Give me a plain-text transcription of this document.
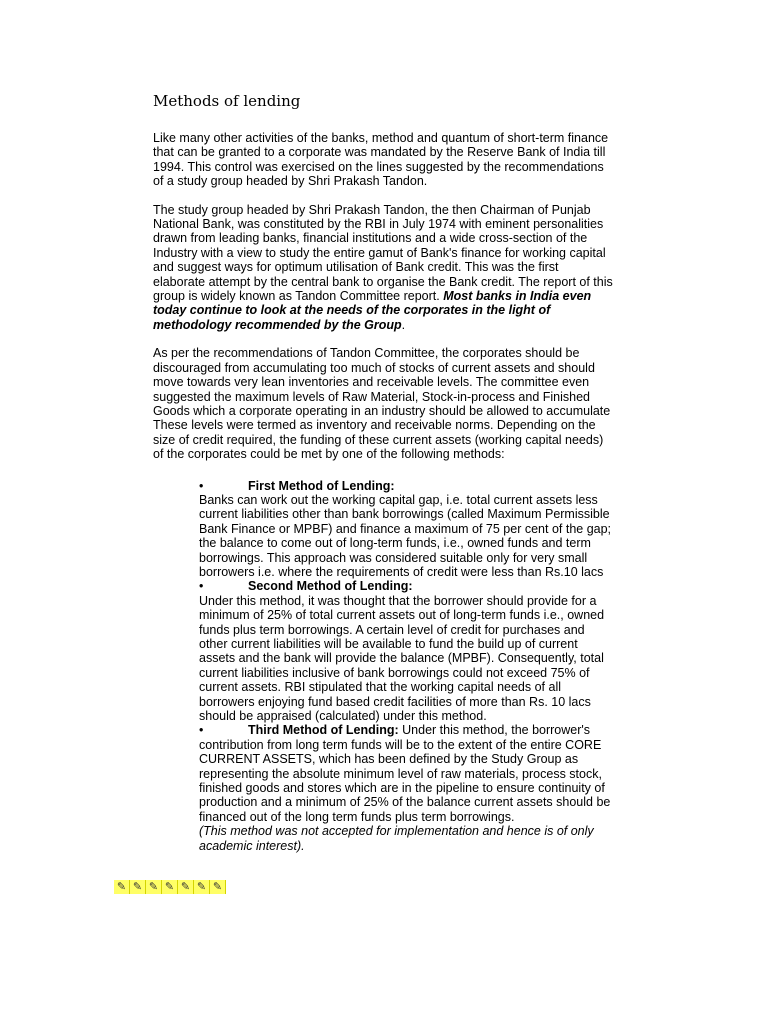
Methods of lending

Like many other activities of the banks, method and quantum of short-term finance that can be granted to a corporate was mandated by the Reserve Bank of India till 1994. This control was exercised on the lines suggested by the recommendations of a study group headed by Shri Prakash Tandon.

The study group headed by Shri Prakash Tandon, the then Chairman of Punjab National Bank, was constituted by the RBI in July 1974 with eminent personalities drawn from leading banks, financial institutions and a wide cross-section of the Industry with a view to study the entire gamut of Bank's finance for working capital and suggest ways for optimum utilisation of Bank credit. This was the first elaborate attempt by the central bank to organise the Bank credit. The report of this group is widely known as Tandon Committee report. Most banks in India even today continue to look at the needs of the corporates in the light of methodology recommended by the Group.

As per the recommendations of Tandon Committee, the corporates should be discouraged from accumulating too much of stocks of current assets and should move towards very lean inventories and receivable levels. The committee even suggested the maximum levels of Raw Material, Stock-in-process and Finished Goods which a corporate operating in an industry should be allowed to accumulate These levels were termed as inventory and receivable norms. Depending on the size of credit required, the funding of these current assets (working capital needs) of the corporates could be met by one of the following methods:

•	First Method of Lending:
Banks can work out the working capital gap, i.e. total current assets less current liabilities other than bank borrowings (called Maximum Permissible Bank Finance or MPBF) and finance a maximum of 75 per cent of the gap; the balance to come out of long-term funds, i.e., owned funds and term borrowings. This approach was considered suitable only for very small borrowers i.e. where the requirements of credit were less than Rs.10 lacs
•	Second Method of Lending:
Under this method, it was thought that the borrower should provide for a minimum of 25% of total current assets out of long-term funds i.e., owned funds plus term borrowings. A certain level of credit for purchases and other current liabilities will be available to fund the build up of current assets and the bank will provide the balance (MPBF). Consequently, total current liabilities inclusive of bank borrowings could not exceed 75% of current assets. RBI stipulated that the working capital needs of all borrowers enjoying fund based credit facilities of more than Rs. 10 lacs should be appraised (calculated) under this method.
•	Third Method of Lending: Under this method, the borrower's contribution from long term funds will be to the extent of the entire CORE CURRENT ASSETS, which has been defined by the Study Group as representing the absolute minimum level of raw materials, process stock, finished goods and stores which are in the pipeline to ensure continuity of production and a minimum of 25% of the balance current assets should be financed out of the long term funds plus term borrowings.
(This method was not accepted for implementation and hence is of only academic interest).
✎ ✎ ✎ ✎ ✎ ✎ ✎
